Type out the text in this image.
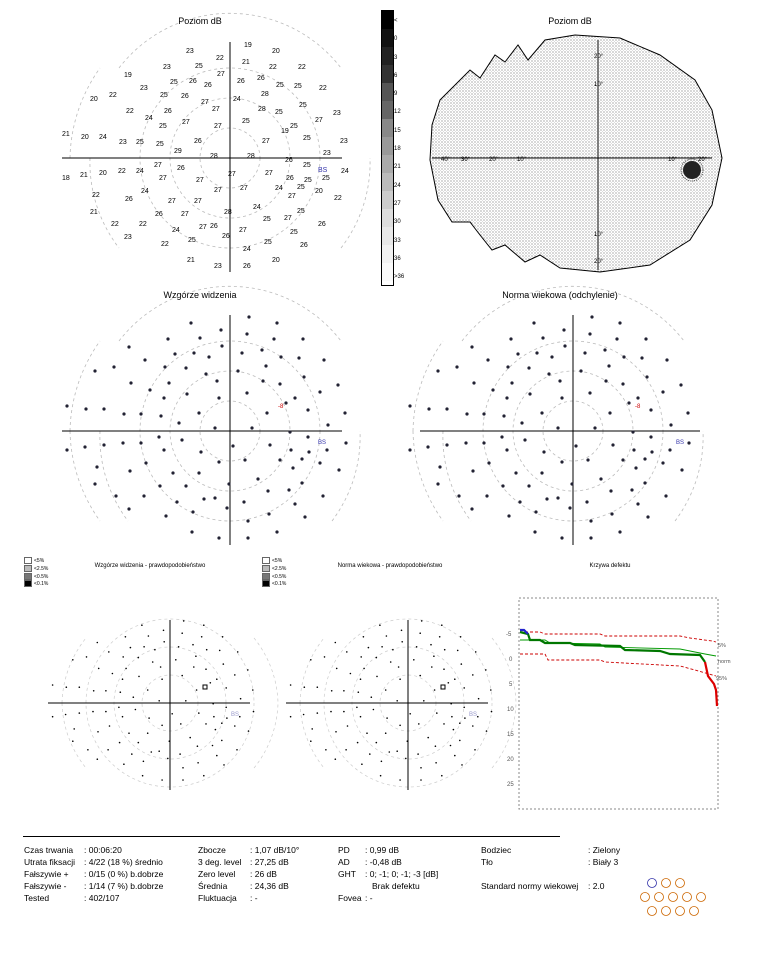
Poziom dB	Poziom dB
Wzgórze widzenia	Norma wiekowa (odchylenie)
Wzgórze widzenia - prawdopodobieństwo	Norma wiekowa - prawdopodobieństwo	Krzywa defektu
23
19
23	25
22
21
20
22	22
19
23
25 26
26
27
26 26
25 25 22
20
22	25 26
27	24
28
25
22
24
26	27	28 25
27
23
21 20 24
25
27
27
25
25
23 25 25	26	27
19
25	23
29
28	28
26
23
18 21 20 22 24
27 26
27	27
25
24
27	27	26 25 25
22
24	27	27	24 25
20
26	27	27
27	22
21	26	27
24
25
22	22
24	27
28
25 27
26
23
22
25
26
26
27
25
25
26
21
23
24
26
20
BS
<
0
3
6
9
12
15
18
21
24
27
30
33
36
>36
20°
10°
10°
20°
40° 30°	20°	10°	10°	20°
-8
BS
-8
BS
<5%
<2.5%
<0.5%
<0.1%
<5%
<2.5%
<0.5%
<0.1%
BS	BS
-5
0
5
10
15
20
25
5%
norm
95%
Czas trwania : 00:06:20
Utrata fiksacji : 4/22 (18 %) średnio
Fałszywie + : 0/15 (0 %) b.dobrze
Fałszywie - : 1/14 (7 %) b.dobrze
Tested	: 402/107
Zbocze	: 1,07 dB/10°
3 deg. level : 27,25 dB
Zero level : 26 dB
Średnia	: 24,36 dB
Fluktuacja : -
PD : 0,99 dB
AD : -0,48 dB
GHT : 0; -1; 0; -1; -3 [dB]
Brak defektu
Fovea : -
Bodziec	: Zielony
Tło	: Biały 3
Standard normy wiekowej : 2.0
